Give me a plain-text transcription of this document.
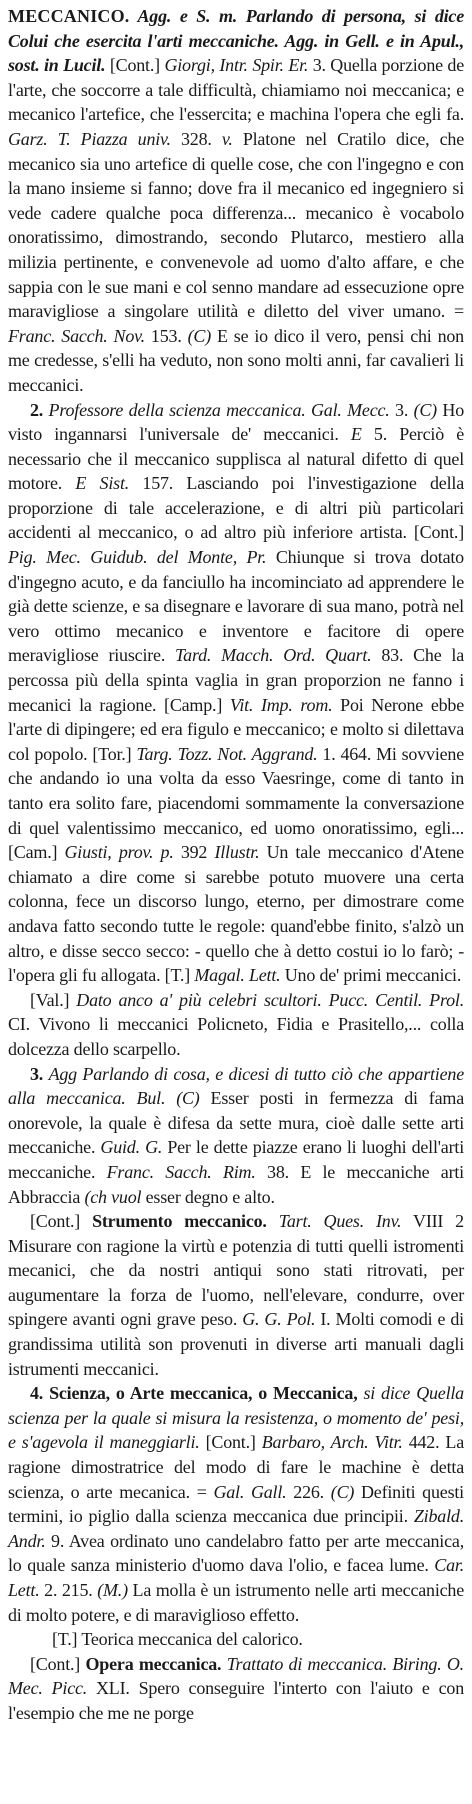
MECCANICO. Agg. e S. m. Parlando di persona, si dice Colui che esercita l'arti meccaniche. Agg. in Gell. e in Apul., sost. in Lucil. [Cont.] Giorgi, Intr. Spir. Er. 3. Quella porzione de l'arte, che soccorre a tale difficultà, chiamiamo noi meccanica; e mecanico l'artefice, che l'essercita; e machina l'opera che egli fa. Garz. T. Piazza univ. 328. v. Platone nel Cratilo dice, che mecanico sia uno artefice di quelle cose, che con l'ingegno e con la mano insieme si fanno; dove fra il mecanico ed ingegniero si vede cadere qualche poca differenza... mecanico è vocabolo onoratissimo, dimostrando, secondo Plutarco, mestiero alla milizia pertinente, e convenevole ad uomo d'alto affare, e che sappia con le sue mani e col senno mandare ad essecuzione opre maravigliose a singolare utilità e diletto del viver umano. = Franc. Sacch. Nov. 153. (C) E se io dico il vero, pensi chi non me credesse, s'elli ha veduto, non sono molti anni, far cavalieri li meccanici.

2. Professore della scienza meccanica. Gal. Mecc. 3. (C) Ho visto ingannarsi l'universale de' meccanici. E 5. Perciò è necessario che il meccanico supplisca al natural difetto di quel motore. E Sist. 157. Lasciando poi l'investigazione della proporzione di tale accelerazione, e di altri più particolari accidenti al meccanico, o ad altro più inferiore artista. [Cont.] Pig. Mec. Guidub. del Monte, Pr. Chiunque si trova dotato d'ingegno acuto, e da fanciullo ha incominciato ad apprendere le già dette scienze, e sa disegnare e lavorare di sua mano, potrà nel vero ottimo mecanico e inventore e facitore di opere meravigliose riuscire. Tard. Macch. Ord. Quart. 83. Che la percossa più della spinta vaglia in gran proporzion ne fanno i mecanici la ragione. [Camp.] Vit. Imp. rom. Poi Nerone ebbe l'arte di dipingere; ed era figulo e meccanico; e molto si dilettava col popolo. [Tor.] Targ. Tozz. Not. Aggrand. 1. 464. Mi sovviene che andando io una volta da esso Vaesringe, come di tanto in tanto era solito fare, piacendomi sommamente la conversazione di quel valentissimo meccanico, ed uomo onoratissimo, egli... [Cam.] Giusti, prov. p. 392 Illustr. Un tale meccanico d'Atene chiamato a dire come si sarebbe potuto muovere una certa colonna, fece un discorso lungo, eterno, per dimostrare come andava fatto secondo tutte le regole: quand'ebbe finito, s'alzò un altro, e disse secco secco: - quello che à detto costui io lo farò; - l'opera gli fu allogata. [T.] Magal. Lett. Uno de' primi meccanici.

[Val.] Dato anco a' più celebri scultori. Pucc. Centil. Prol. CI. Vivono li meccanici Policneto, Fidia e Prasitello,... colla dolcezza dello scarpello.

3. Agg Parlando di cosa, e dicesi di tutto ciò che appartiene alla meccanica. Bul. (C) Esser posti in fermezza di fama onorevole, la quale è difesa da sette mura, cioè dalle sette arti meccaniche. Guid. G. Per le dette piazze erano li luoghi dell'arti meccaniche. Franc. Sacch. Rim. 38. E le meccaniche arti Abbraccia (ch vuol esser degno e alto.

[Cont.] Strumento meccanico. Tart. Ques. Inv. VIII 2 Misurare con ragione la virtù e potenzia di tutti quelli istromenti mecanici, che da nostri antiqui sono stati ritrovati, per augumentare la forza de l'uomo, nell'elevare, condurre, over spingere avanti ogni grave peso. G. G. Pol. I. Molti comodi e di grandissima utilità son provenuti in diverse arti manuali dagli istrumenti meccanici.

4. Scienza, o Arte meccanica, o Meccanica, si dice Quella scienza per la quale si misura la resistenza, o momento de' pesi, e s'agevola il maneggiarli. [Cont.] Barbaro, Arch. Vitr. 442. La ragione dimostratrice del modo di fare le machine è detta scienza, o arte mecanica. = Gal. Gall. 226. (C) Definiti questi termini, io piglio dalla scienza meccanica due principii. Zibald. Andr. 9. Avea ordinato uno candelabro fatto per arte meccanica, lo quale sanza ministerio d'uomo dava l'olio, e facea lume. Car. Lett. 2. 215. (M.) La molla è un istrumento nelle arti meccaniche di molto potere, e di maraviglioso effetto.

[T.] Teorica meccanica del calorico.

[Cont.] Opera meccanica. Trattato di meccanica. Biring. O. Mec. Picc. XLI. Spero conseguire l'interto con l'aiuto e con l'esempio che me ne porge
